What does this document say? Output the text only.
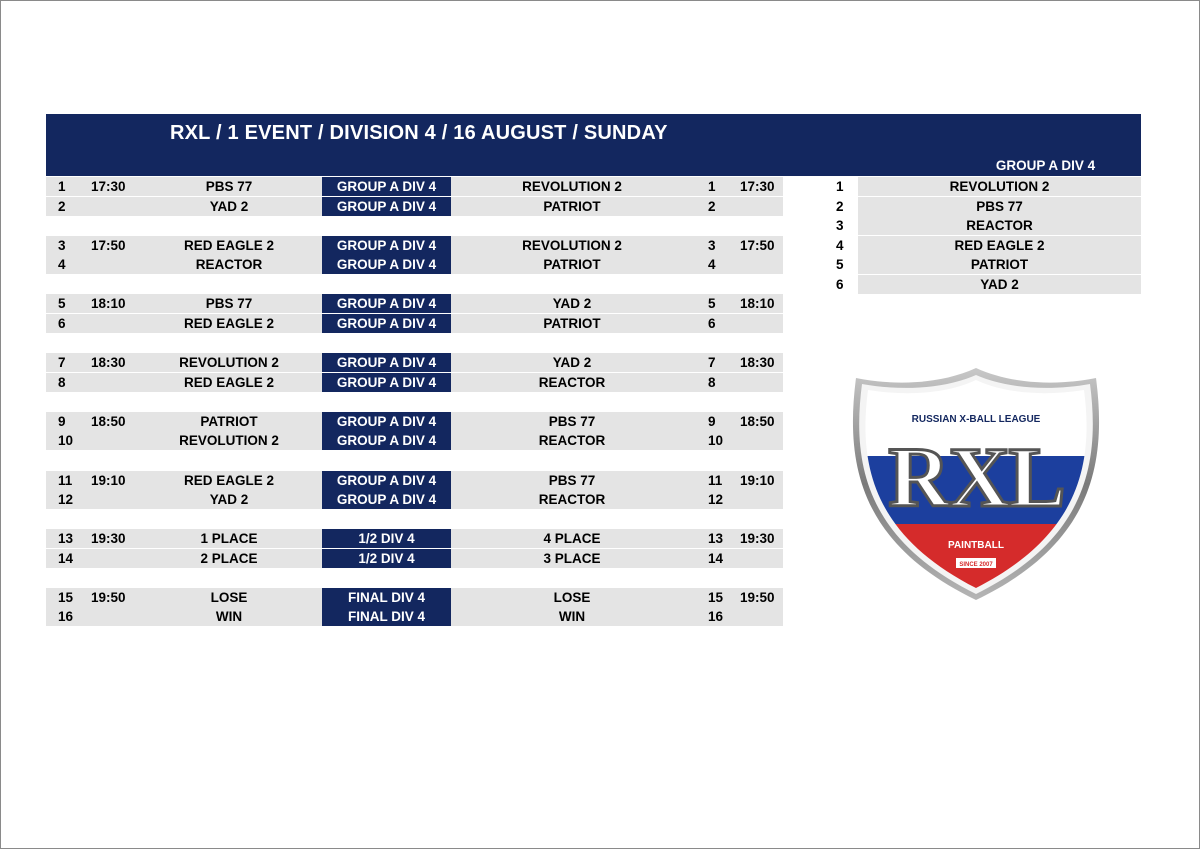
RXL / 1 EVENT / DIVISION 4 / 16 AUGUST / SUNDAY
GROUP A DIV 4
1 17:30	PBS 77	GROUP A DIV 4	REVOLUTION 2	1 17:30
2	YAD 2	GROUP A DIV 4	PATRIOT	2
3 17:50	RED EAGLE 2	GROUP A DIV 4	REVOLUTION 2	3 17:50
4	REACTOR	GROUP A DIV 4	PATRIOT	4
5 18:10	PBS 77	GROUP A DIV 4	YAD 2	5 18:10
6	RED EAGLE 2	GROUP A DIV 4	PATRIOT	6
7 18:30	REVOLUTION 2	GROUP A DIV 4	YAD 2	7 18:30
8	RED EAGLE 2	GROUP A DIV 4	REACTOR	8
9 18:50	PATRIOT	GROUP A DIV 4	PBS 77	9 18:50
10	REVOLUTION 2	GROUP A DIV 4	REACTOR	10
11 19:10	RED EAGLE 2	GROUP A DIV 4	PBS 77	11 19:10
12	YAD 2	GROUP A DIV 4	REACTOR	12
13 19:30	1 PLACE	1/2 DIV 4	4 PLACE	13 19:30
14	2 PLACE	1/2 DIV 4	3 PLACE	14
15 19:50	LOSE	FINAL DIV 4	LOSE	15 19:50
16	WIN	FINAL DIV 4	WIN	16
1	REVOLUTION 2
2	PBS 77
3	REACTOR
4	RED EAGLE 2
5	PATRIOT
6	YAD 2
RUSSIAN X-BALL LEAGUE
RXL
PAINTBALL
SINCE 2007
